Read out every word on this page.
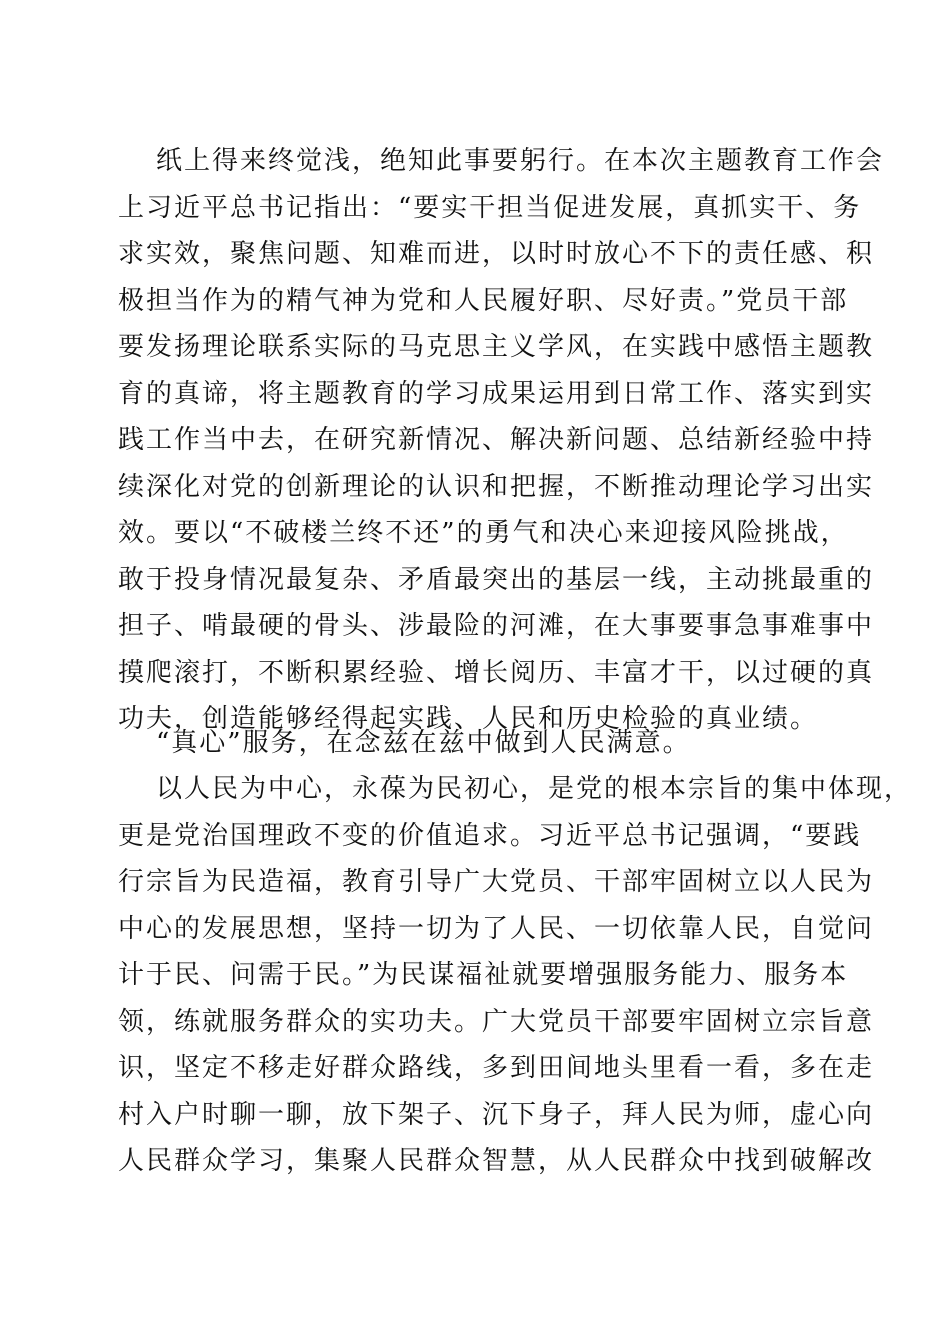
纸上得来终觉浅，绝知此事要躬行。在本次主题教育工作会
上习近平总书记指出：“要实干担当促进发展，真抓实干、务
求实效，聚焦问题、知难而进，以时时放心不下的责任感、积
极担当作为的精气神为党和人民履好职、尽好责。”党员干部
要发扬理论联系实际的马克思主义学风，在实践中感悟主题教
育的真谛，将主题教育的学习成果运用到日常工作、落实到实
践工作当中去，在研究新情况、解决新问题、总结新经验中持
续深化对党的创新理论的认识和把握，不断推动理论学习出实
效。要以“不破楼兰终不还”的勇气和决心来迎接风险挑战，
敢于投身情况最复杂、矛盾最突出的基层一线，主动挑最重的
担子、啃最硬的骨头、涉最险的河滩，在大事要事急事难事中
摸爬滚打，不断积累经验、增长阅历、丰富才干，以过硬的真
功夫，创造能够经得起实践、人民和历史检验的真业绩。
“真心”服务，在念兹在兹中做到人民满意。
以人民为中心，永葆为民初心，是党的根本宗旨的集中体现，
更是党治国理政不变的价值追求。习近平总书记强调，“要践
行宗旨为民造福，教育引导广大党员、干部牢固树立以人民为
中心的发展思想，坚持一切为了人民、一切依靠人民，自觉问
计于民、问需于民。”为民谋福祉就要增强服务能力、服务本
领，练就服务群众的实功夫。广大党员干部要牢固树立宗旨意
识，坚定不移走好群众路线，多到田间地头里看一看，多在走
村入户时聊一聊，放下架子、沉下身子，拜人民为师，虚心向
人民群众学习，集聚人民群众智慧，从人民群众中找到破解改
